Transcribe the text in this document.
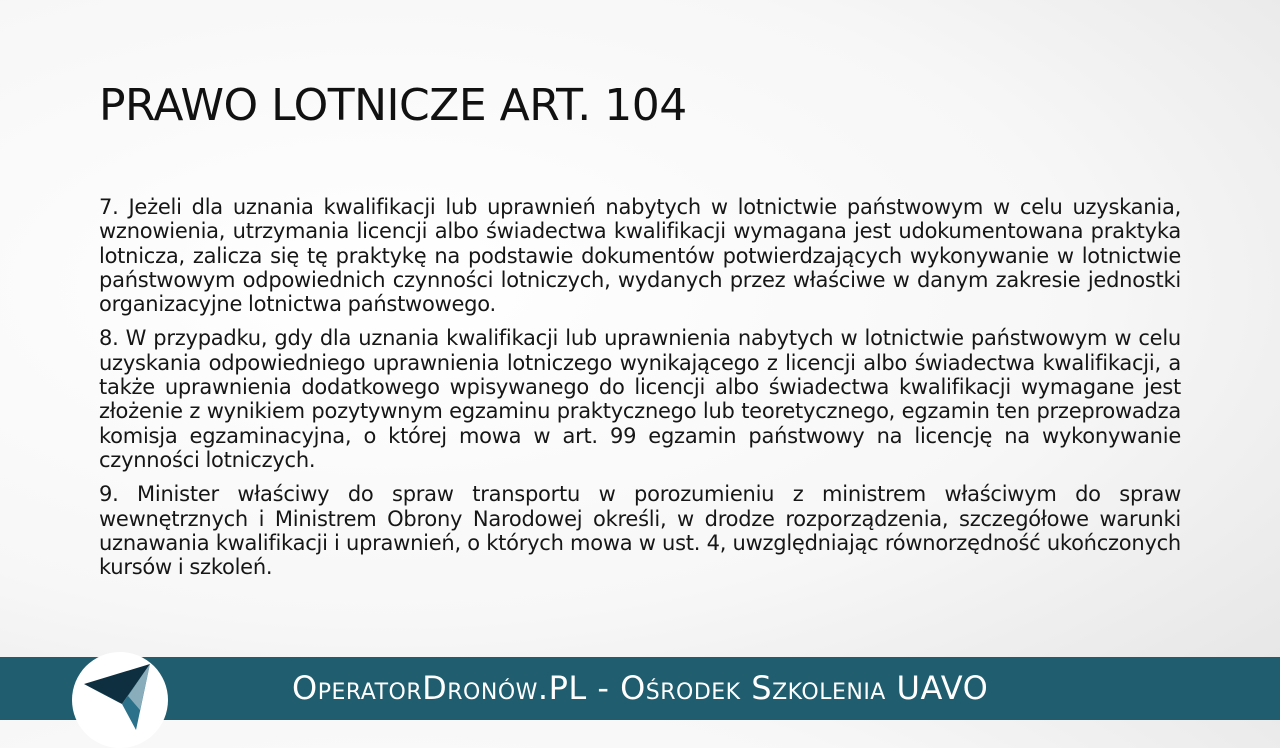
PRAWO LOTNICZE ART. 104

7. Jeżeli dla uznania kwalifikacji lub uprawnień nabytych w lotnictwie państwowym w celu uzyskania, wznowienia, utrzymania licencji albo świadectwa kwalifikacji wymagana jest udokumentowana praktyka lotnicza, zalicza się tę praktykę na podstawie dokumentów potwierdzających wykonywanie w lotnictwie państwowym odpowiednich czynności lotniczych, wydanych przez właściwe w danym zakresie jednostki organizacyjne lotnictwa państwowego.

8. W przypadku, gdy dla uznania kwalifikacji lub uprawnienia nabytych w lotnictwie państwowym w celu uzyskania odpowiedniego uprawnienia lotniczego wynikającego z licencji albo świadectwa kwalifikacji, a także uprawnienia dodatkowego wpisywanego do licencji albo świadectwa kwalifikacji wymagane jest złożenie z wynikiem pozytywnym egzaminu praktycznego lub teoretycznego, egzamin ten przeprowadza komisja egzaminacyjna, o której mowa w art. 99 egzamin państwowy na licencję na wykonywanie czynności lotniczych.

9. Minister właściwy do spraw transportu w porozumieniu z ministrem właściwym do spraw wewnętrznych i Ministrem Obrony Narodowej określi, w drodze rozporządzenia, szczegółowe warunki uznawania kwalifikacji i uprawnień, o których mowa w ust. 4, uwzględniając równorzędność ukończonych kursów i szkoleń.

OperatorDronów.PL - Ośrodek Szkolenia UAVO
